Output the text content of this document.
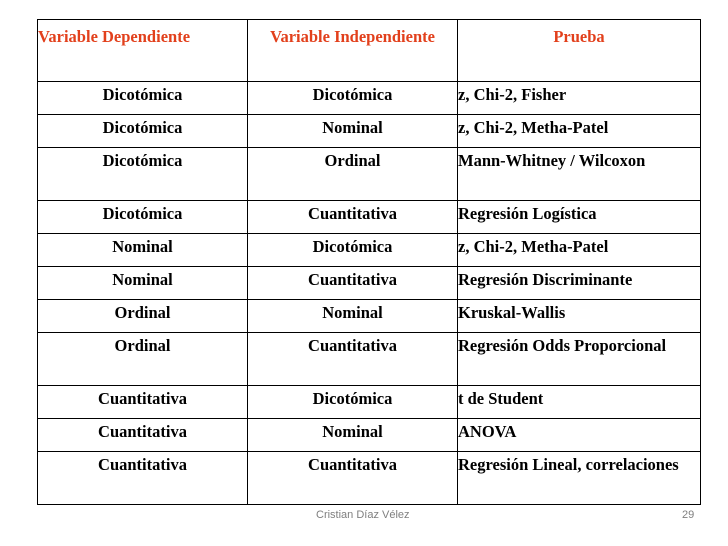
Variable Dependiente	Variable Independiente	Prueba
Dicotómica	Dicotómica	z, Chi-2, Fisher
Dicotómica	Nominal	z, Chi-2, Metha-Patel
Dicotómica	Ordinal	Mann-Whitney / Wilcoxon
Dicotómica	Cuantitativa	Regresión Logística
Nominal	Dicotómica	z, Chi-2, Metha-Patel
Nominal	Cuantitativa	Regresión Discriminante
Ordinal	Nominal	Kruskal-Wallis
Ordinal	Cuantitativa	Regresión Odds Proporcional
Cuantitativa	Dicotómica	t de Student
Cuantitativa	Nominal	ANOVA
Cuantitativa	Cuantitativa	Regresión Lineal, correlaciones
Cristian Díaz Vélez	29
